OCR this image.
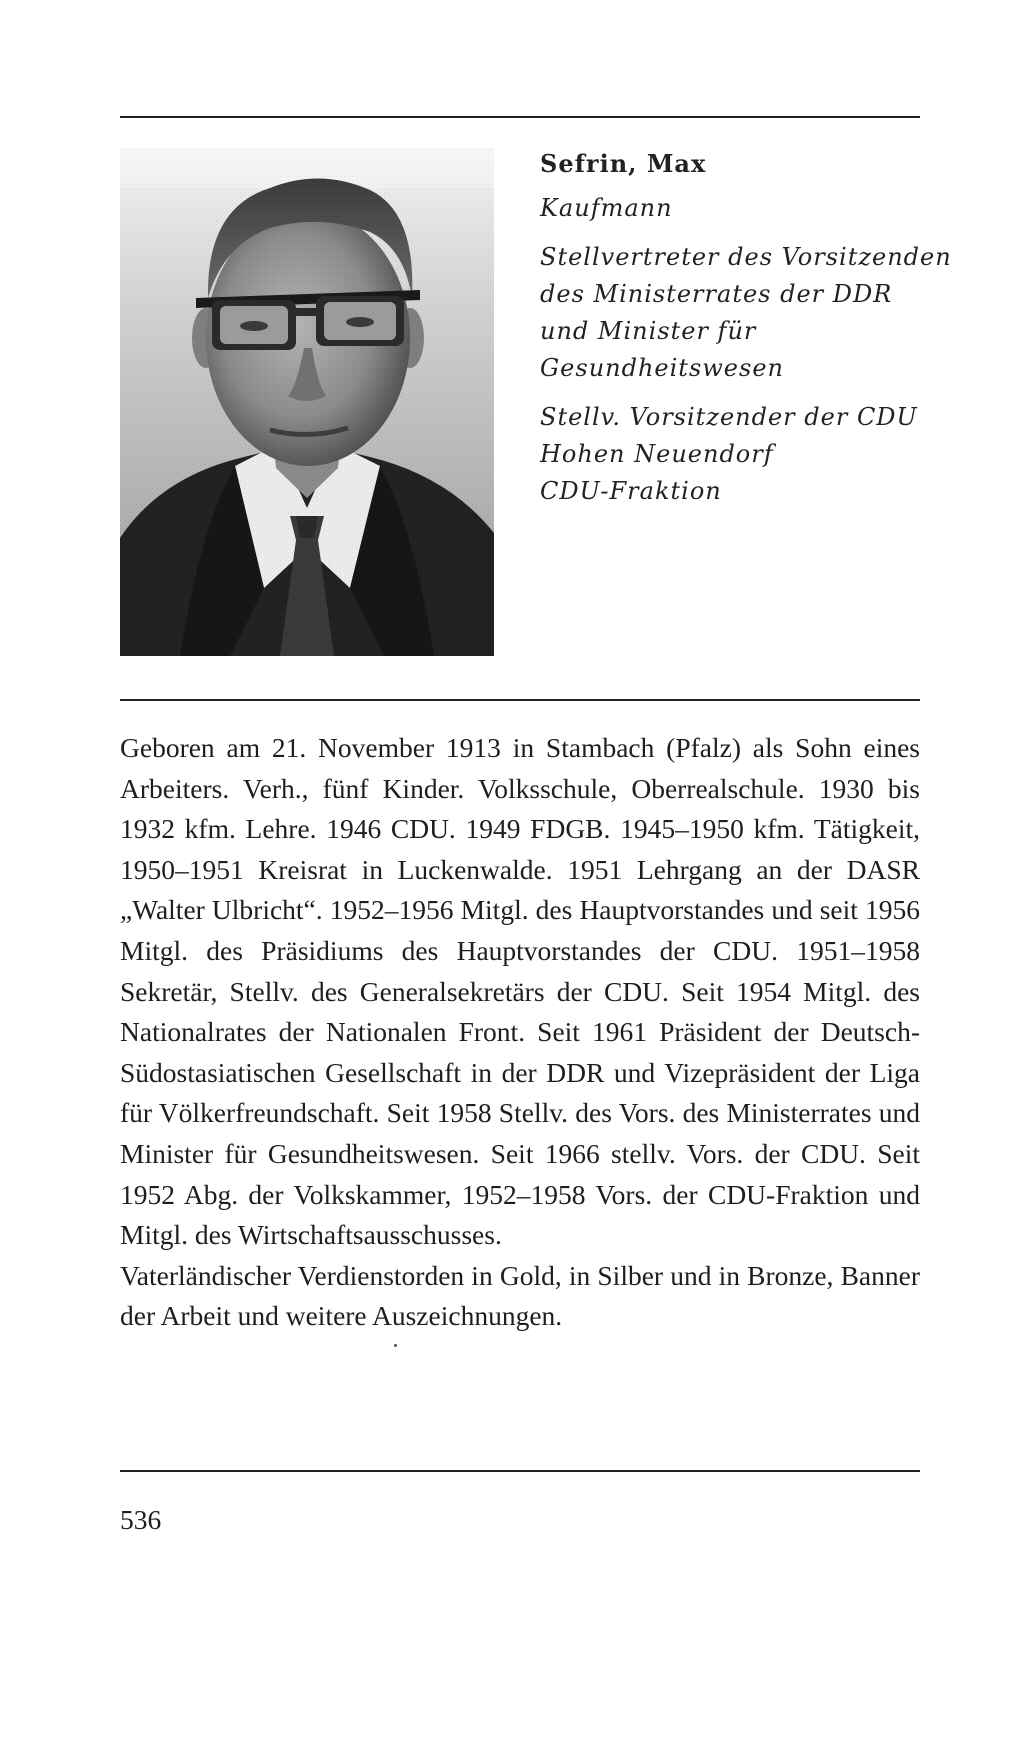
Sefrin, Max
Kaufmann
Stellvertreter des Vorsitzenden
des Ministerrates der DDR
und Minister für
Gesundheitswesen
Stellv. Vorsitzender der CDU
Hohen Neuendorf
CDU-Fraktion

Geboren am 21. November 1913 in Stambach (Pfalz) als Sohn eines Arbeiters. Verh., fünf Kinder. Volksschule, Oberrealschule. 1930 bis 1932 kfm. Lehre. 1946 CDU. 1949 FDGB. 1945–1950 kfm. Tätigkeit, 1950–1951 Kreisrat in Luckenwalde. 1951 Lehrgang an der DASR „Walter Ulbricht“. 1952–1956 Mitgl. des Hauptvorstandes und seit 1956 Mitgl. des Präsidiums des Hauptvorstandes der CDU. 1951–1958 Sekretär, Stellv. des Generalsekretärs der CDU. Seit 1954 Mitgl. des Nationalrates der Nationalen Front. Seit 1961 Präsident der Deutsch-Südostasiatischen Gesellschaft in der DDR und Vizepräsident der Liga für Völkerfreundschaft. Seit 1958 Stellv. des Vors. des Ministerrates und Minister für Gesundheitswesen. Seit 1966 stellv. Vors. der CDU. Seit 1952 Abg. der Volkskammer, 1952–1958 Vors. der CDU-Fraktion und Mitgl. des Wirtschaftsausschusses.

Vaterländischer Verdienstorden in Gold, in Silber und in Bronze, Banner der Arbeit und weitere Auszeichnungen.

536
